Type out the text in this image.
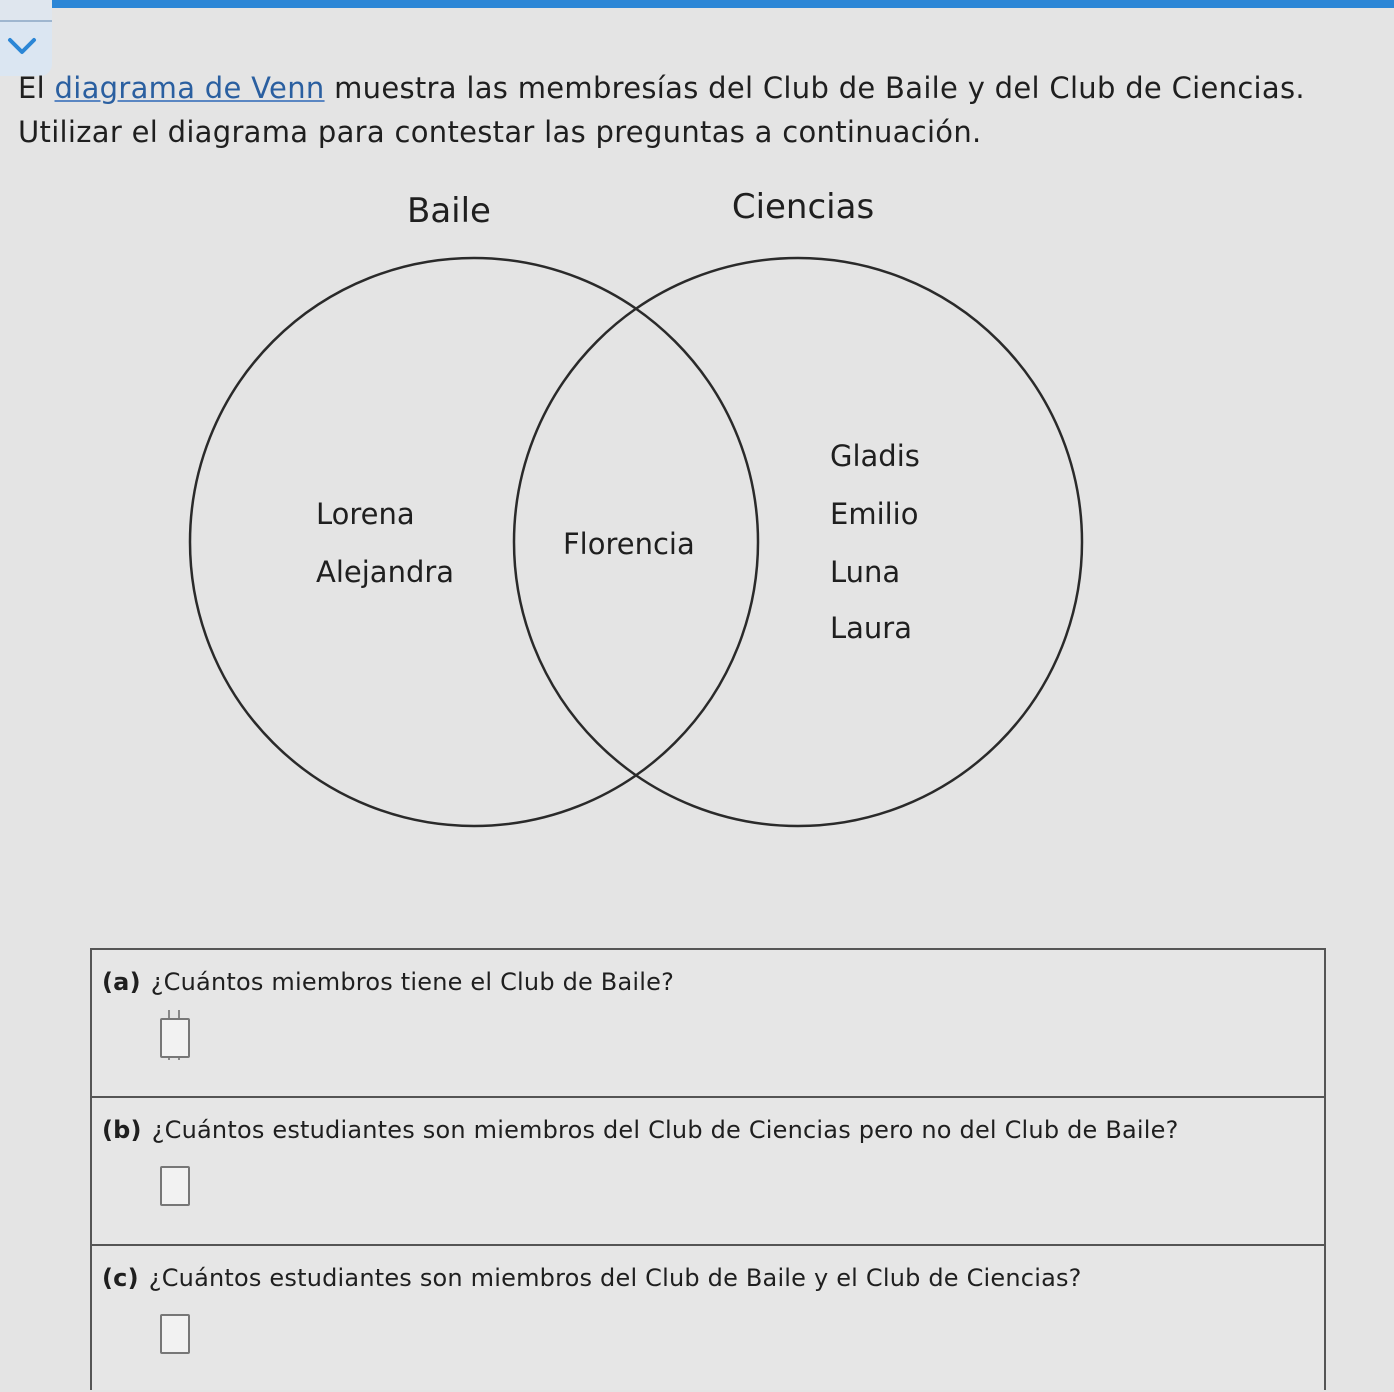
El diagrama de Venn muestra las membresías del Club de Baile y del Club de Ciencias.
Utilizar el diagrama para contestar las preguntas a continuación.
Baile	Ciencias
Lorena
Alejandra
Florencia
Gladis
Emilio
Luna
Laura
(a) ¿Cuántos miembros tiene el Club de Baile?
(b) ¿Cuántos estudiantes son miembros del Club de Ciencias pero no del Club de Baile?
(c) ¿Cuántos estudiantes son miembros del Club de Baile y el Club de Ciencias?
